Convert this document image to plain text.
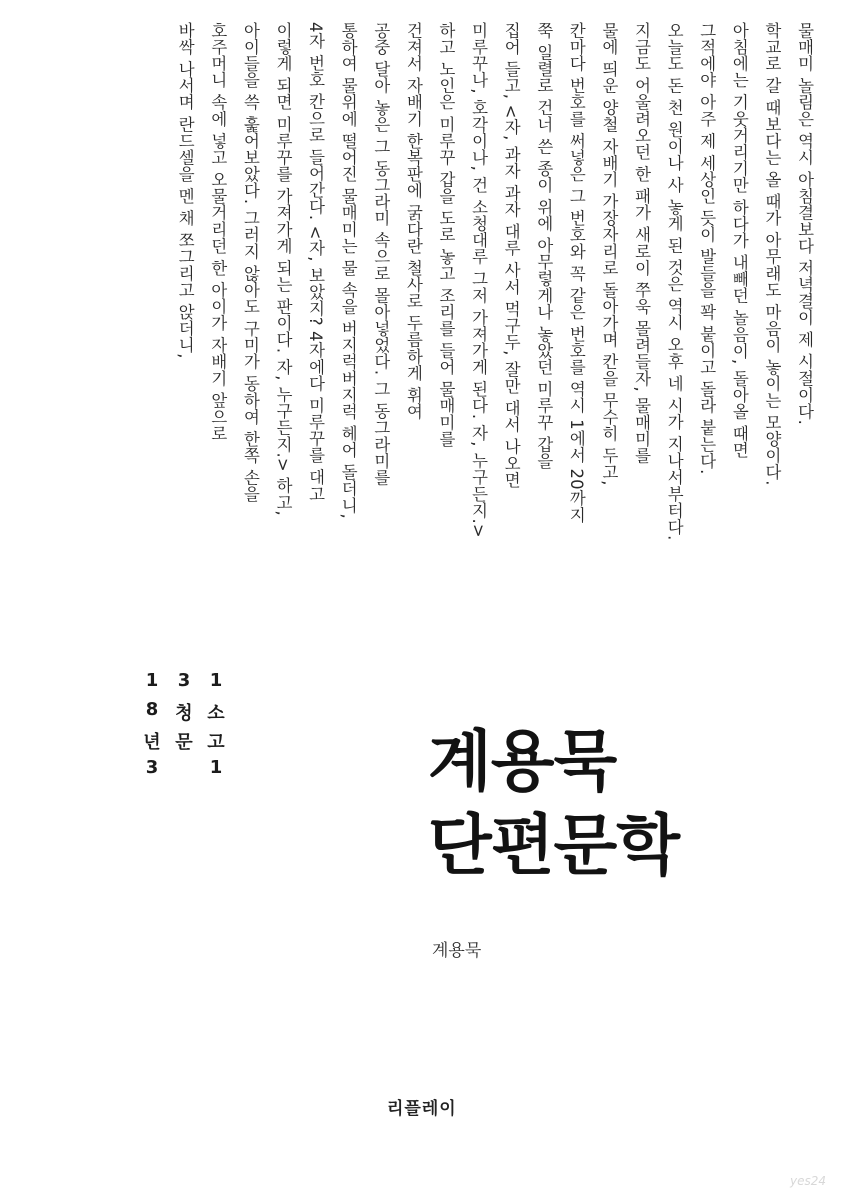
물매미 놀림은 역시 아침결보다 저녁결이 제 시절이다.
학교로 갈 때보다는 올 때가 아무래도 마음이 놓이는 모양이다.
아침에는 기웃거리기만 하다가 내빼던 놀음이, 돌아올 때면
그적에야 아주 제 세상인 듯이 발들을 꽉 붙이고 돌라 붙는다.
오늘도 돈 천 원이나 사 놓게 된 것은 역시 오후 네 시가 지나서부터다.
지금도 어울려오던 한 패가 새로이 쭈욱 몰려들자, 물매미를
물에 띄운 양철 자배기 가장자리로 돌아가며 칸을 무수히 두고,
칸마다 번호를 써넣은 그 번호와 꼭 같은 번호를 역시 1에서 20까지
쭉 일렬로 건너 쓴 종이 위에 아무렇게나 놓았던 미루꾸 갑을
집어 들고, <자, 과자 과자 대루 사서 먹구두, 잘만 대서 나오면
미루꾸나, 호각이나, 건 소청대루 그저 가져가게 된다. 자, 누구든지.>
하고 노인은 미루꾸 갑을 도로 놓고 조리를 들어 물매미를
건져서 자배기 한복판에 굵다란 철사로 두름하게 휘여
공중 달아 놓은 그 동그라미 속으로 몰아넣었다. 그 동그라미를
통하여 물위에 떨어진 물매미는 물 속을 버지럭버지럭 헤어 돌더니,
4자 번호 칸으로 들어간다. <자, 보았지? 4자에다 미루꾸를 대고
이렇게 되면 미루꾸를 가져가게 되는 판이다. 자, 누구든지.> 하고,
아이들을 쓱 훑어보았다. 그러지 않아도 구미가 동하여 한쪽 손을
호주머니 속에 넣고 오물거리던 한 아이가 자배기 앞으로
바싹 나서며 란드셀을 멘 채 쪼그리고 앉더니,
1	3	1
8 청 소
년 문 고
3	1	계용묵
단편문학
계용묵
리플레이
yes24
